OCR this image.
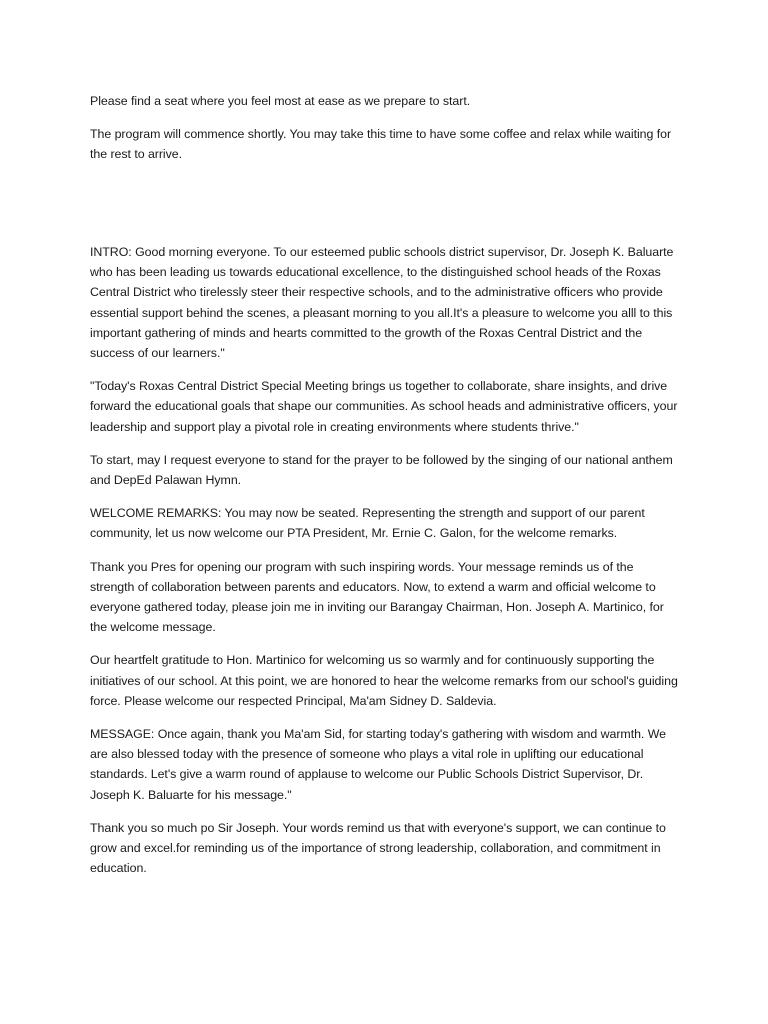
Please find a seat where you feel most at ease as we prepare to start.

The program will commence shortly. You may take this time to have some coffee and relax while waiting for the rest to arrive.

INTRO: Good morning everyone. To our esteemed public schools district supervisor, Dr. Joseph K. Baluarte who has been leading us towards educational excellence, to the distinguished school heads of the Roxas Central District who tirelessly steer their respective schools, and to the administrative officers who provide essential support behind the scenes, a pleasant morning to you all.It's a pleasure to welcome you alll to this important gathering of minds and hearts committed to the growth of the Roxas Central District and the success of our learners."

"Today's Roxas Central District Special Meeting brings us together to collaborate, share insights, and drive forward the educational goals that shape our communities. As school heads and administrative officers, your leadership and support play a pivotal role in creating environments where students thrive."

To start, may I request everyone to stand for the prayer to be followed by the singing of our national anthem and DepEd Palawan Hymn.

WELCOME REMARKS: You may now be seated. Representing the strength and support of our parent community, let us now welcome our PTA President, Mr. Ernie C. Galon, for the welcome remarks.

Thank you Pres for opening our program with such inspiring words. Your message reminds us of the strength of collaboration between parents and educators. Now, to extend a warm and official welcome to everyone gathered today, please join me in inviting our Barangay Chairman, Hon. Joseph A. Martinico, for the welcome message.

Our heartfelt gratitude to Hon. Martinico for welcoming us so warmly and for continuously supporting the initiatives of our school. At this point, we are honored to hear the welcome remarks from our school's guiding force. Please welcome our respected Principal, Ma'am Sidney D. Saldevia.

MESSAGE: Once again, thank you Ma'am Sid, for starting today's gathering with wisdom and warmth. We are also blessed today with the presence of someone who plays a vital role in uplifting our educational standards. Let's give a warm round of applause to welcome our Public Schools District Supervisor, Dr. Joseph K. Baluarte for his message."

Thank you so much po Sir Joseph. Your words remind us that with everyone's support, we can continue to grow and excel.for reminding us of the importance of strong leadership, collaboration, and commitment in education.
